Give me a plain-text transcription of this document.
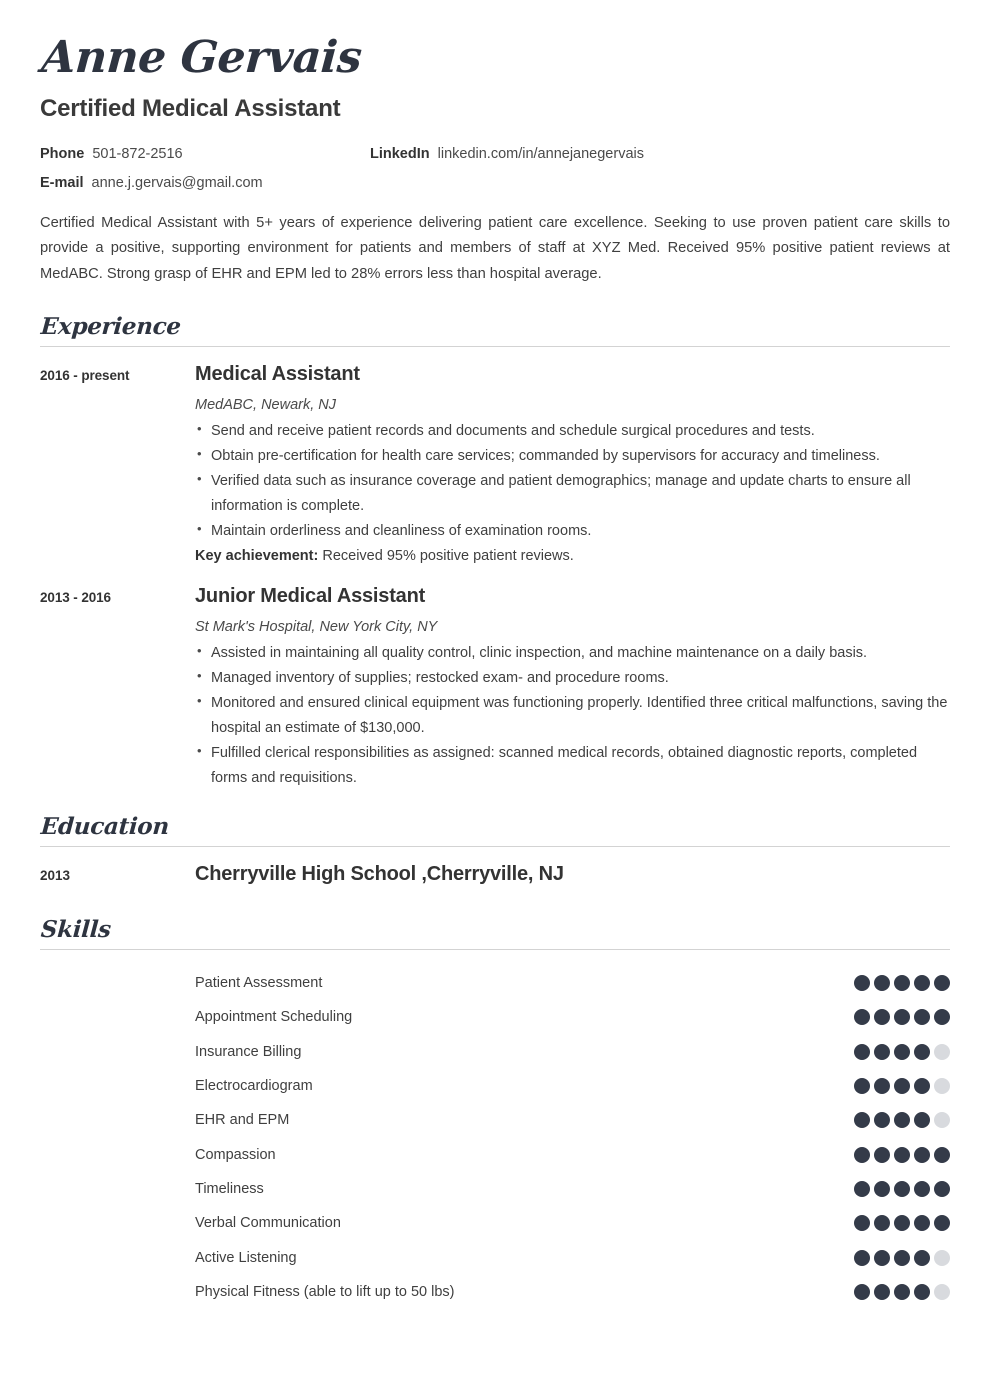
Anne Gervais
Certified Medical Assistant
Phone 501-872-2516	LinkedIn linkedin.com/in/annejanegervais
E-mail anne.j.gervais@gmail.com

Certified Medical Assistant with 5+ years of experience delivering patient care excellence. Seeking to use proven patient care skills to provide a positive, supporting environment for patients and members of staff at XYZ Med. Received 95% positive patient reviews at MedABC. Strong grasp of EHR and EPM led to 28% errors less than hospital average.

Experience
2016 - present	Medical Assistant
MedABC, Newark, NJ
• Send and receive patient records and documents and schedule surgical procedures and tests.
• Obtain pre-certification for health care services; commanded by supervisors for accuracy and timeliness.
• Verified data such as insurance coverage and patient demographics; manage and update charts to ensure all information is complete.
• Maintain orderliness and cleanliness of examination rooms.
Key achievement: Received 95% positive patient reviews.
2013 - 2016	Junior Medical Assistant
St Mark's Hospital, New York City, NY
• Assisted in maintaining all quality control, clinic inspection, and machine maintenance on a daily basis.
• Managed inventory of supplies; restocked exam- and procedure rooms.
• Monitored and ensured clinical equipment was functioning properly. Identified three critical malfunctions, saving the hospital an estimate of $130,000.
• Fulfilled clerical responsibilities as assigned: scanned medical records, obtained diagnostic reports, completed forms and requisitions.
Education
2013	Cherryville High School ,Cherryville, NJ
Skills
Patient Assessment
Appointment Scheduling
Insurance Billing
Electrocardiogram
EHR and EPM
Compassion
Timeliness
Verbal Communication
Active Listening
Physical Fitness (able to lift up to 50 lbs)
